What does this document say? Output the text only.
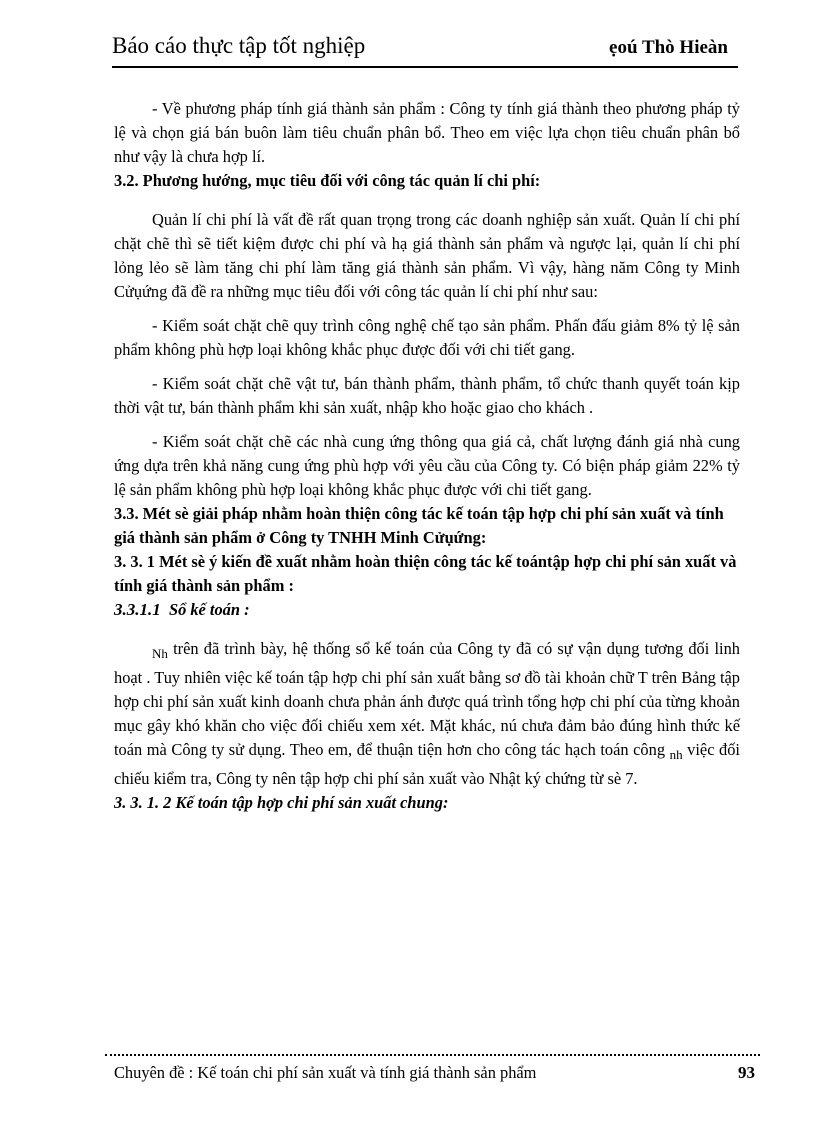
Báo cáo thực tập tốt nghiệp	ẹoú Thò Hieàn

- Về phương pháp tính giá thành sản phẩm : Công ty tính giá thành theo phương pháp tỷ lệ và chọn giá bán buôn làm tiêu chuẩn phân bổ. Theo em việc lựa chọn tiêu chuẩn phân bổ như vậy là chưa hợp lí.

3.2. Phương hướng, mục tiêu đối với công tác quản lí chi phí:

Quản lí chi phí là vất đề rất quan trọng trong các doanh nghiệp sản xuất. Quản lí chi phí chặt chẽ thì sẽ tiết kiệm được chi phí và hạ giá thành sản phẩm và ngược lại, quản lí chi phí lỏng lẻo sẽ làm tăng chi phí làm tăng giá thành sản phẩm. Vì vậy, hàng năm Công ty Minh Cửụứng đã đề ra những mục tiêu đối với công tác quản lí chi phí như sau:

- Kiểm soát chặt chẽ quy trình công nghệ chế tạo sản phẩm. Phấn đấu giảm 8% tỷ lệ sản phẩm không phù hợp loại không khắc phục được đối với chi tiết gang.

- Kiểm soát chặt chẽ vật tư, bán thành phẩm, thành phẩm, tổ chức thanh quyết toán kịp thời vật tư, bán thành phẩm khi sản xuất, nhập kho hoặc giao cho khách .

- Kiểm soát chặt chẽ các nhà cung ứng thông qua giá cả, chất lượng đánh giá nhà cung ứng dựa trên khả năng cung ứng phù hợp với yêu cầu của Công ty. Có biện pháp giảm 22% tỷ lệ sản phẩm không phù hợp loại không khắc phục được với chi tiết gang.

3.3. Mét sè giải pháp nhằm hoàn thiện công tác kế toán tập hợp chi phí sản xuất và tính giá thành sản phẩm ở Công ty TNHH Minh Cửụứng:

3. 3. 1 Mét sè ý kiến đề xuất nhằm hoàn thiện công tác kế toántập hợp chi phí sản xuất và tính giá thành sản phẩm :

3.3.1.1 Sổ kế toán :

$_{Nh}$ trên đã trình bày, hệ thống sổ kế toán của Công ty đã có sự vận dụng tương đối linh hoạt . Tuy nhiên việc kế toán tập hợp chi phí sản xuất bằng sơ đồ tài khoản chữ T trên Bảng tập hợp chi phí sản xuất kinh doanh chưa phản ánh được quá trình tổng hợp chi phí của từng khoản mục gây khó khăn cho việc đối chiếu xem xét. Mặt khác, nú chưa đảm bảo đúng hình thức kế toán mà Công ty sử dụng. Theo em, để thuận tiện hơn cho công tác hạch toán công $_{nh}$ việc đối chiếu kiểm tra, Công ty nên tập hợp chi phí sản xuất vào Nhật ký chứng từ sè 7.

3. 3. 1. 2 Kế toán tập hợp chi phí sản xuất chung:

Chuyên đề : Kế toán chi phí sản xuất và tính giá thành sản phẩm	93
